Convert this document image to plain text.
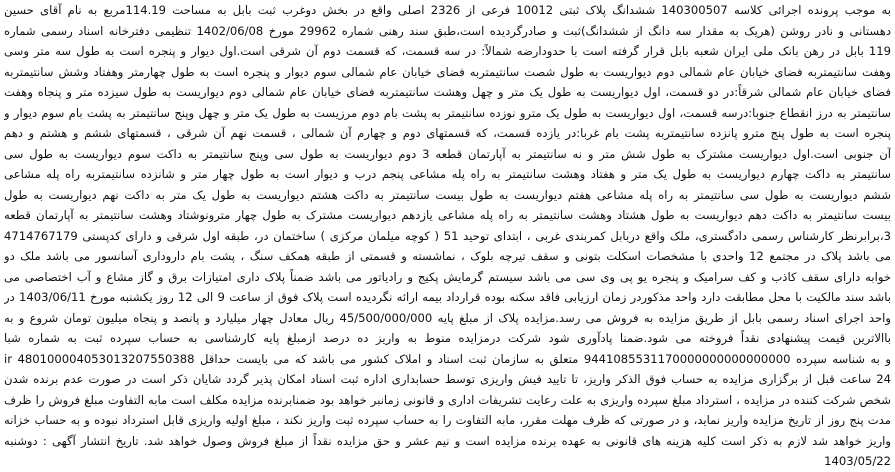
به موجب پرونده اجرائی کلاسه 140300507 ششدانگ پلاک ثبتی 10012 فرعی از 2326 اصلی واقع در بخش دوغرب ثبت بابل به مساحت 114.19مربع به نام آقای حسین
دهستانی و نادر روشن (هریک به مقدار سه دانگ از ششدانگ)ثبت و صادرگردیده است،طبق سند رهنی شماره 29962 مورخ 1402/06/08 تنظیمی دفترخانه اسناد رسمی شماره
119 بابل در رهن بانک ملی ایران شعبه بابل قرار گرفته است با حدودارضه شمالاً: در سه قسمت، که قسمت دوم آن شرقی است.اول دیوار و پنجره است به طول سه متر وسی
وهفت سانتیمتربه فضای خیابان عام شمالی دوم دیواریست به طول شصت سانتیمتربه فضای خیابان عام شمالی سوم دیوار و پنجره است به طول چهارمتر وهفتاد وشش سانتیمتربه
فضای خیابان عام شمالی شرقاً:در دو قسمت، اول دیواریست به طول یک متر و چهل وهشت سانتیمتربه فضای خیابان عام شمالی دوم دیواریست به طول سیزده متر و پنجاه وهفت
سانتیمتر به درز انقطاع جنوبا:درسه قسمت، اول دیواریست به طول یک مترو نوزده سانتیمتر به پشت بام دوم مرزیست به طول یک متر و چهل وپنج سانتیمتر به پشت بام سوم دیوار و
پنجره است به طول پنج مترو پانزده سانتیمتربه پشت بام غربا:در یازده قسمت، که قسمتهای دوم و چهارم آن شمالی ، قسمت نهم آن شرقی ، قسمتهای ششم و هشتم و دهم
آن جنوبی است.اول دیواریست مشترک به طول شش متر و نه سانتیمتر به آپارتمان قطعه 3 دوم دیواریست به طول سی وپنج سانتیمتر به داکت سوم دیواریست به طول سی
سانتیمتر به داکت چهارم دیواریست به طول یک متر و هفتاد وهشت سانتیمتر به راه پله مشاعی پنجم درب و دیوار است به طول چهار متر و شانزده سانتیمتربه راه پله مشاعی
ششم دیواریست به طول سی سانتیمتر به راه پله مشاعی هفتم دیواریست به طول بیست سانتیمتر به داکت هشتم دیواریست به طول یک متر به داکت نهم دیواریست به طول
بیست سانتیمتر به داکت دهم دیواریست به طول هشتاد وهشت سانتیمتر به راه پله مشاعی یازدهم دیواریست مشترک به طول چهار مترونوشتاد وهشت سانتیمتر به آپارتمان قطعه
3،برابرنظر کارشناس رسمی دادگستری، ملک واقع دربابل کمربندی غربی ، ابتدای توحید 51 ( کوچه میلمان مرکزی ) ساختمان در، طبقه اول شرقی و دارای کدپستی 4714767179
می باشد پلاک در مجتمع 12 واحدی با مشخصات اسکلت بتونی و سقف تیرچه بلوک ، نماشسته و قسمتی از طبقه همکف سنگ ، پشت بام داروداری آسانسور می باشد ملک دو
خوابه دارای سقف کاذب و کف سرامیک و پنجره یو پی وی سی می باشد سیستم گرمایش پکیج و رادیاتور می باشد ضمناً پلاک داری امتیازات برق و گاز مشاع و آب اختصاصی می
باشد سند مالکیت با محل مطابقت دارد واحد مذکوردر زمان ارزیابی فاقد سکنه بوده قرارداد بیمه ارائه نگردیده است پلاک فوق از ساعت 9 الی 12 روز یکشنبه مورخ 1403/06/11 در
واحد اجرای اسناد رسمی بابل از طریق مزایده به فروش می رسد.مزایده پلاک از مبلغ پایه 45/500/000/000 ریال معادل چهار میلیارد و پانصد و پنجاه میلیون تومان شروع و به
باالاترین قیمت پیشنهادی نقداً فروخته می شود.ضمنا پادآوری شود شرکت درمزایده منوط به واریز ده درصد ازمبلغ پایه کارشناسی به حساب سپرده ثبت به شماره شبا
ir 480100004053013207550388 و به شناسه سپرده 9441085531170000000000000000 متعلق به سازمان ثبت اسناد و املاک کشور می باشد که می بایست حداقل
24 ساعت قبل از برگزاری مزایده به حساب فوق الذکر واریز، تا تایید فیش واریزی توسط حسابداری اداره ثبت اسناد امکان پذیر گردد شایان ذکر است در صورت عدم برنده شدن
شخص شرکت کننده در مزایده ، استرداد مبلغ سپرده واریزی به علت رعایت تشریفات اداری و قانونی زمانبر خواهد بود ضمنابرنده مزایده مکلف است مابه التفاوت مبلغ فروش را ظرف
مدت پنج روز از تاریخ مزایده واریز نماید، و در صورتی که ظرف مهلت مقرر، مابه التفاوت را به حساب سپرده ثبت واریز نکند ، مبلغ اولیه واریزی قابل استرداد نبوده و به حساب خزانه
واریز خواهد شد لازم به ذکر است کلیه هزینه های قانونی به عهده برنده مزایده است و نیم عشر و حق مزایده نقداً از مبلغ فروش وصول خواهد شد. تاریخ انتشار آگهی : دوشنبه
1403/05/22
